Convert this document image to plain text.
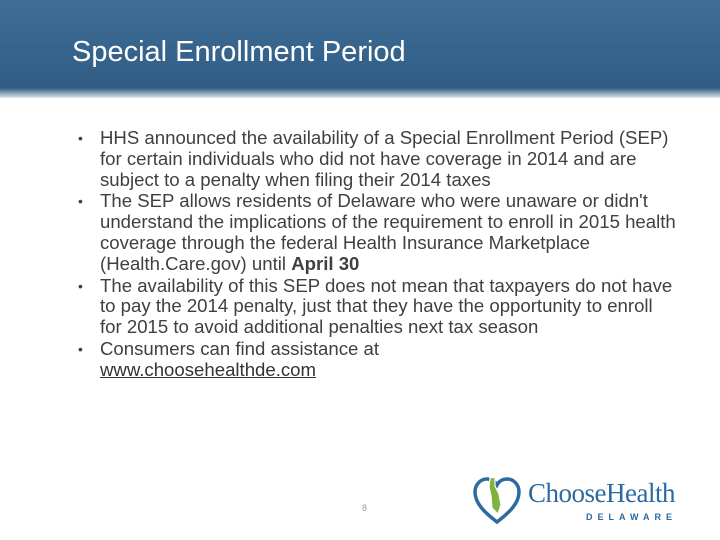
Special Enrollment Period
• HHS announced the availability of a Special Enrollment Period (SEP) for certain individuals who did not have coverage in 2014 and are subject to a penalty when filing their 2014 taxes
• The SEP allows residents of Delaware who were unaware or didn't understand the implications of the requirement to enroll in 2015 health coverage through the federal Health Insurance Marketplace (Health.Care.gov) until April 30
• The availability of this SEP does not mean that taxpayers do not have to pay the 2014 penalty, just that they have the opportunity to enroll for 2015 to avoid additional penalties next tax season
• Consumers can find assistance at
www.choosehealthde.com
8	ChooseHealth
DELAWARE
